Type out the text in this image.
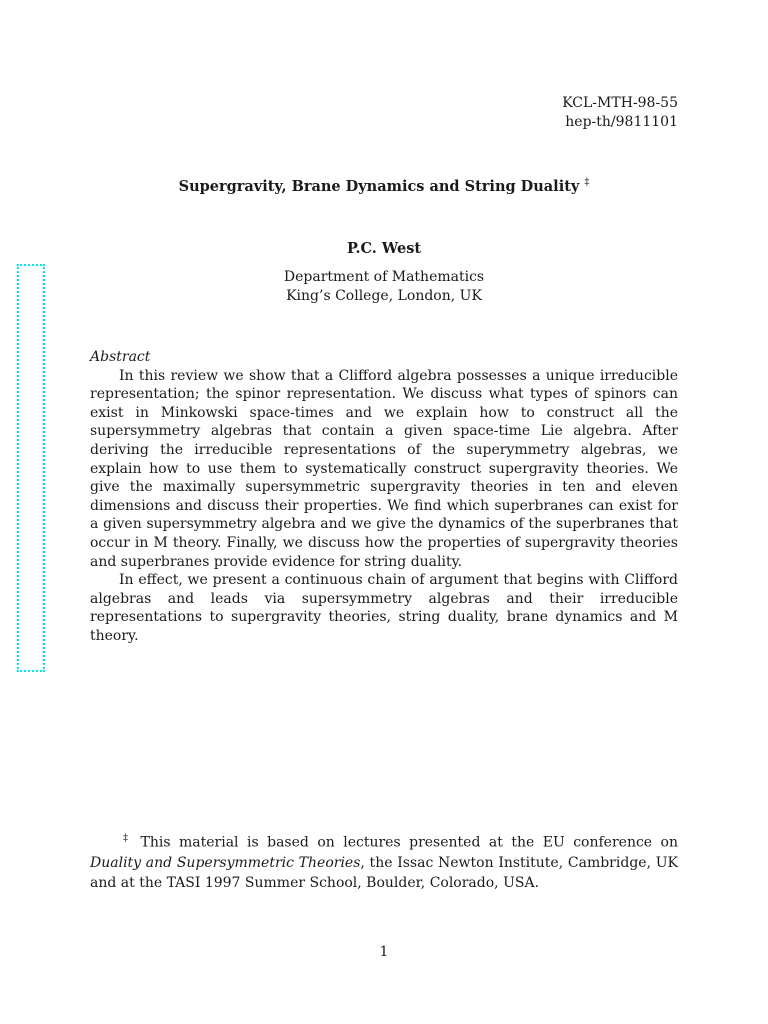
KCL-MTH-98-55
hep-th/9811101
Supergravity, Brane Dynamics and String Duality ‡
P.C. West
Department of Mathematics
King’s College, London, UK
Abstract

In this review we show that a Clifford algebra possesses a unique irreducible representation; the spinor representation. We discuss what types of spinors can exist in Minkowski space-times and we explain how to construct all the supersymmetry algebras that contain a given space-time Lie algebra. After deriving the irreducible representations of the superymmetry algebras, we explain how to use them to systematically construct supergravity theories. We give the maximally supersymmetric supergravity theories in ten and eleven dimensions and discuss their properties. We find which superbranes can exist for a given supersymmetry algebra and we give the dynamics of the superbranes that occur in M theory. Finally, we discuss how the properties of supergravity theories and superbranes provide evidence for string duality.

In effect, we present a continuous chain of argument that begins with Clifford algebras and leads via supersymmetry algebras and their irreducible representations to supergravity theories, string duality, brane dynamics and M theory.

‡ This material is based on lectures presented at the EU conference on Duality and Supersymmetric Theories, the Issac Newton Institute, Cambridge, UK and at the TASI 1997 Summer School, Boulder, Colorado, USA.

1
